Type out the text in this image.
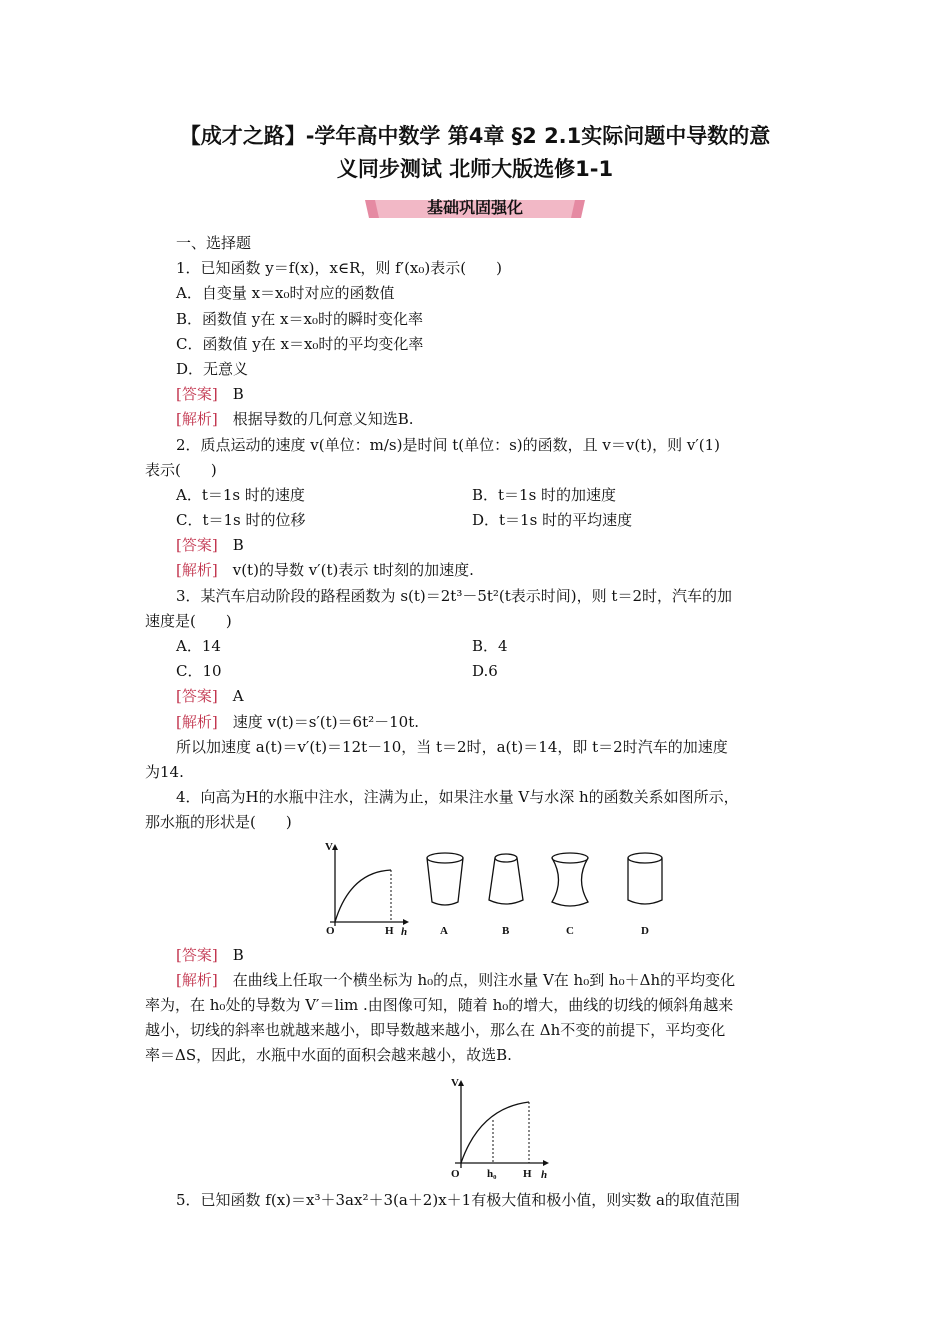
【成才之路】-学年高中数学 第4章 §2 2.1实际问题中导数的意
义同步测试 北师大版选修1-1
基础巩固强化
一、选择题
1．已知函数 y＝f(x)，x∈R，则 f′(x₀)表示(　　)
A．自变量 x＝x₀时对应的函数值
B．函数值 y在 x＝x₀时的瞬时变化率
C．函数值 y在 x＝x₀时的平均变化率
D．无意义
[答案]　 B
[解析]　 根据导数的几何意义知选B.
2．质点运动的速度 v(单位：m/s)是时间 t(单位：s)的函数，且 v＝v(t)，则 v′(1)
表示(　　)
A．t＝1s 时的速度	B．t＝1s 时的加速度
C．t＝1s 时的位移	D．t＝1s 时的平均速度
[答案]　 B
[解析]　 v(t)的导数 v′(t)表示 t时刻的加速度.
3．某汽车启动阶段的路程函数为 s(t)＝2t³－5t²(t表示时间)，则 t＝2时，汽车的加
速度是(　　)
A．14	B．4
C．10	D.6
[答案]　 A
[解析]　 速度 v(t)＝s′(t)＝6t²－10t.
所以加速度 a(t)＝v′(t)＝12t－10，当 t＝2时，a(t)＝14，即 t＝2时汽车的加速度
为14.
4．向高为H的水瓶中注水，注满为止，如果注水量 V与水深 h的函数关系如图所示，
那水瓶的形状是(　　)
V
O	H h	A	B	C	D
[答案]　 B
[解析]　 在曲线上任取一个横坐标为 h₀的点，则注水量 V在 h₀到 h₀＋Δh的平均变化
率为，在 h₀处的导数为 V′＝lim .由图像可知，随着 h₀的增大，曲线的切线的倾斜角越来
越小，切线的斜率也就越来越小，即导数越来越小，那么在 Δh不变的前提下，平均变化
率＝ΔS，因此，水瓶中水面的面积会越来越小，故选B.
V
O h₀ H h
5．已知函数 f(x)＝x³＋3ax²＋3(a＋2)x＋1有极大值和极小值，则实数 a的取值范围
